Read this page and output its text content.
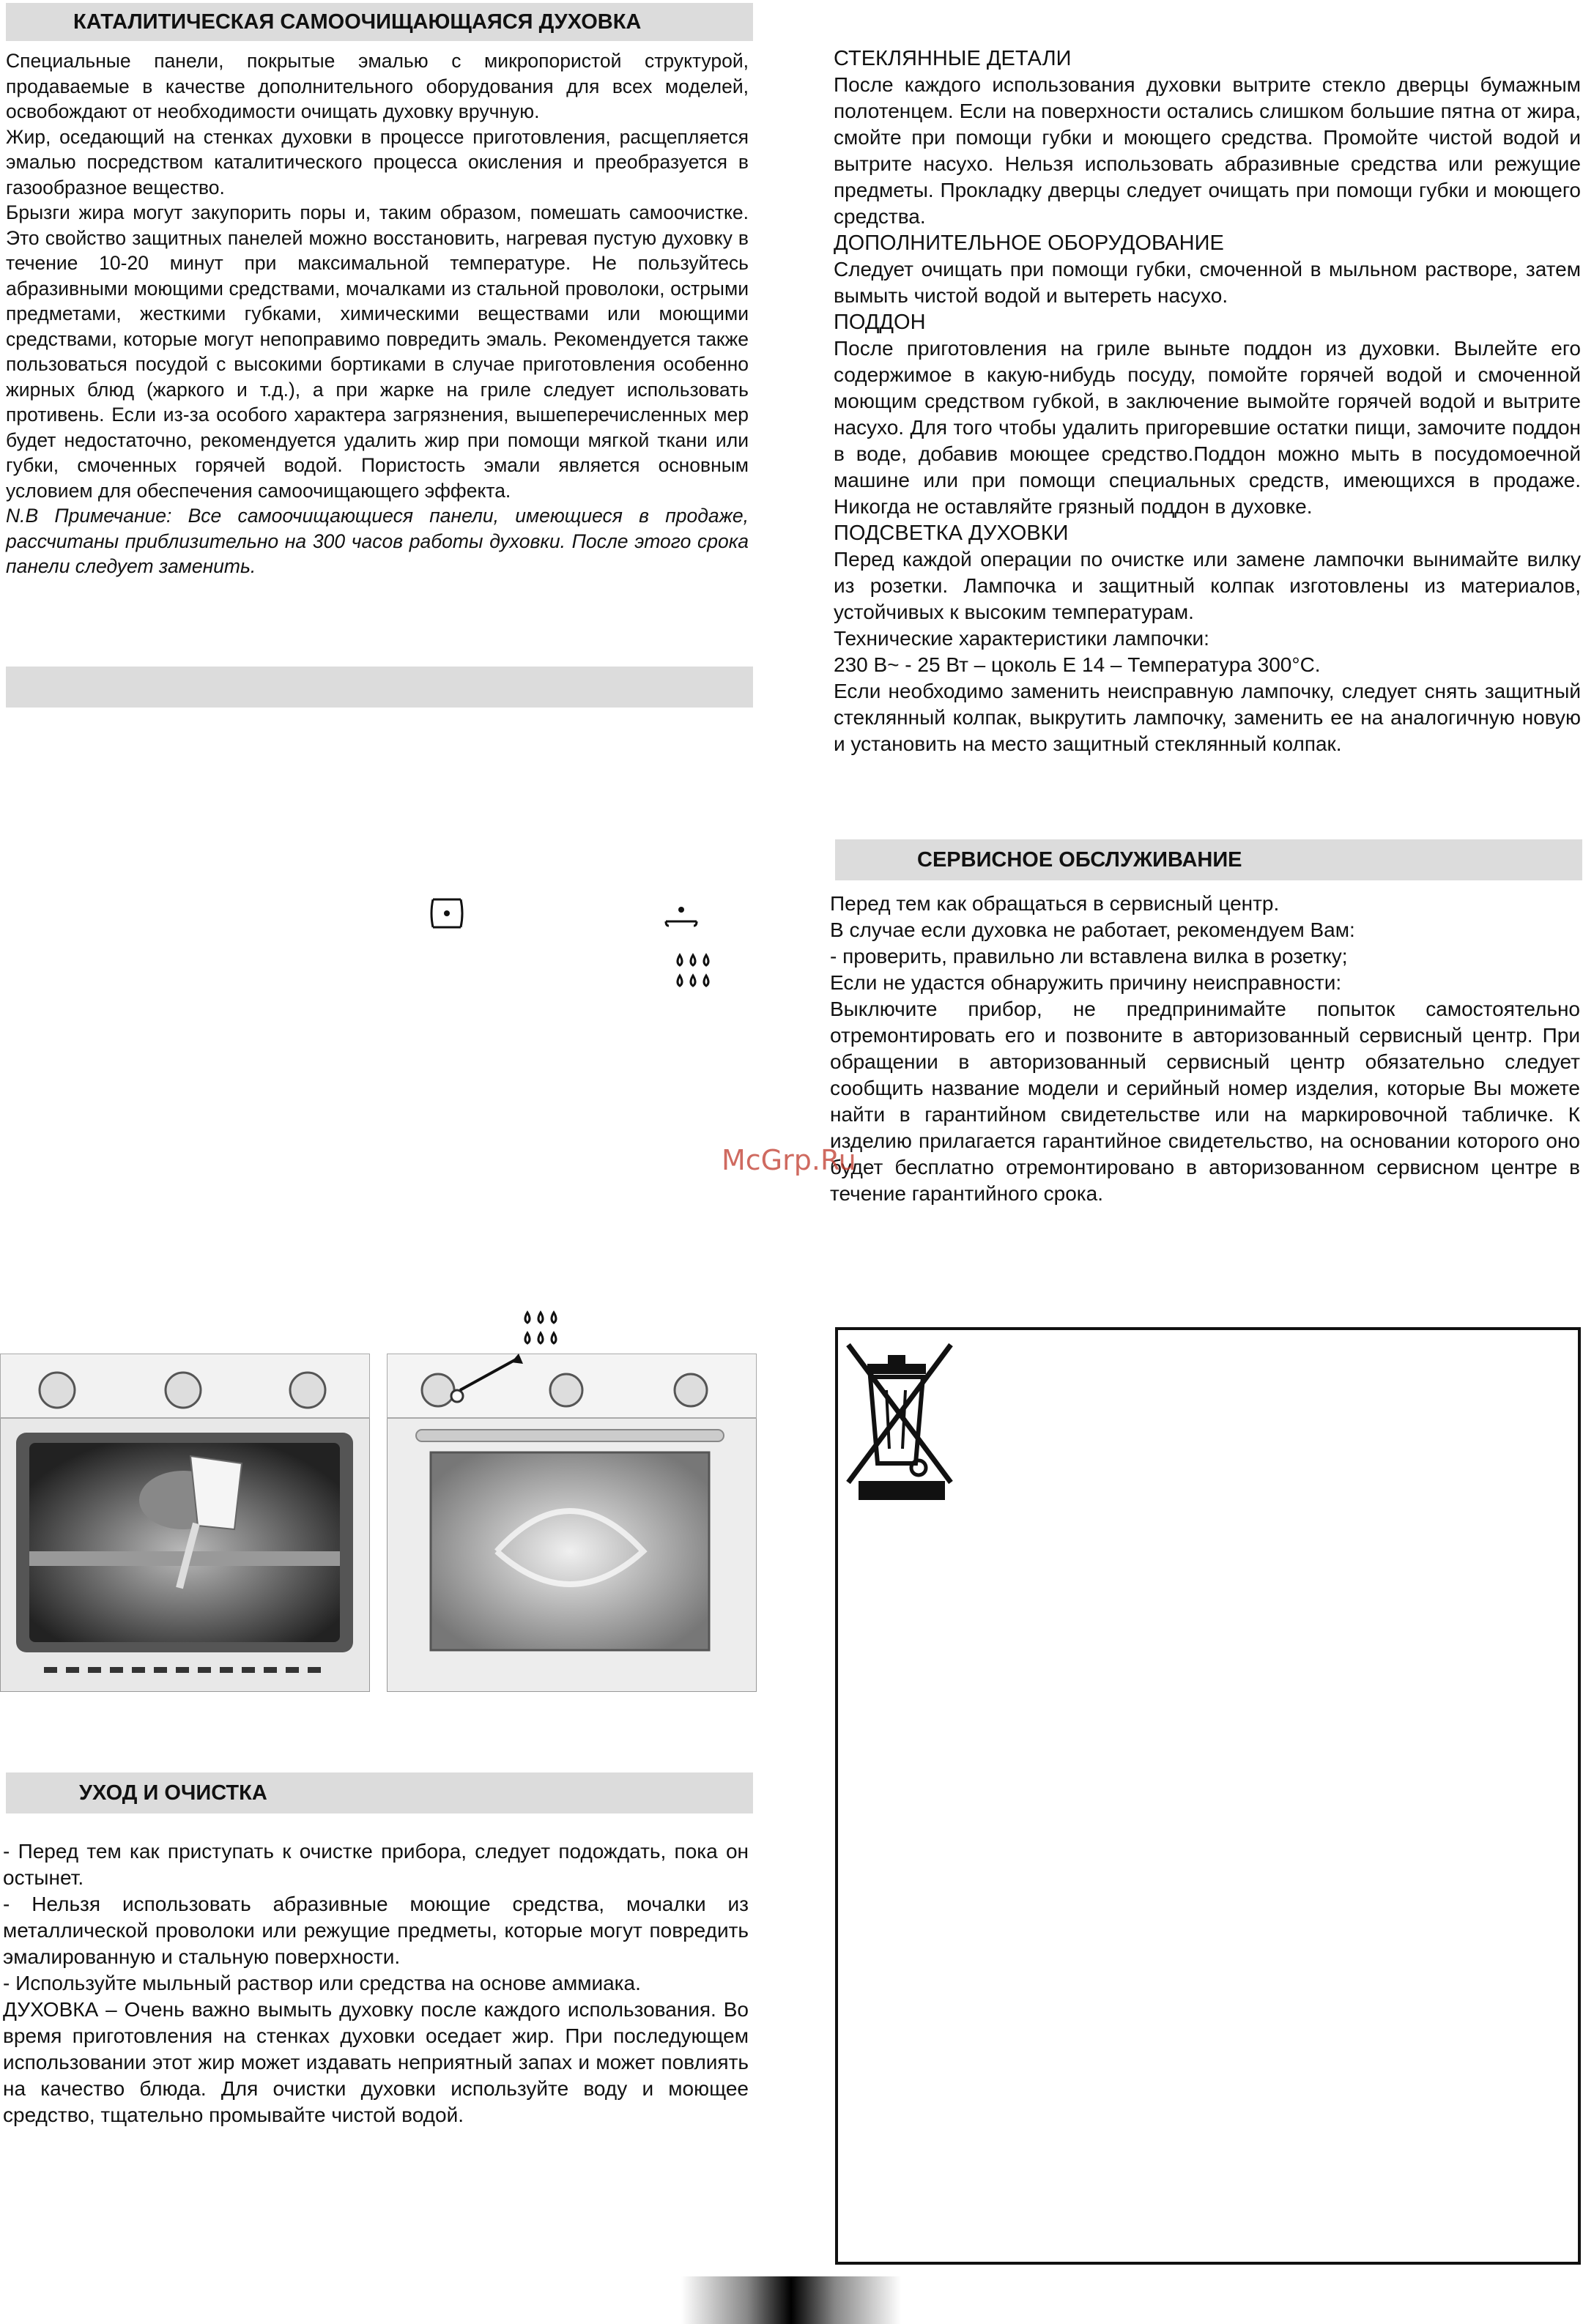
КАТАЛИТИЧЕСКАЯ САМООЧИЩАЮЩАЯСЯ ДУХОВКА

Специальные панели, покрытые эмалью с микропористой структурой, продаваемые в качестве дополнительного оборудования для всех моделей, освобождают от необходимости очищать духовку вручную.

Жир, оседающий на стенках духовки в процессе приготовления, расщепляется эмалью посредством каталитического процесса окисления и преобразуется в газообразное вещество.

Брызги жира могут закупорить поры и, таким образом, помешать самоочистке. Это свойство защитных панелей можно восстановить, нагревая пустую духовку в течение 10-20 минут при максимальной температуре. Не пользуйтесь абразивными моющими средствами, мочалками из стальной проволоки, острыми предметами, жесткими губками, химическими веществами или моющими средствами, которые могут непоправимо повредить эмаль. Рекомендуется также пользоваться посудой с высокими бортиками в случае приготовления особенно жирных блюд (жаркого и т.д.), а при жарке на гриле следует использовать противень. Если из-за особого характера загрязнения, вышеперечисленных мер будет недостаточно, рекомендуется удалить жир при помощи мягкой ткани или губки, смоченных горячей водой. Пористость эмали является основным условием для обеспечения самоочищающего эффекта.

N.B Примечание: Все самоочищающиеся панели, имеющиеся в продаже, рассчитаны приблизительно на 300 часов работы духовки. После этого срока панели следует заменить.

УХОД И ОЧИСТКА

- Перед тем как приступать к очистке прибора, следует подождать, пока он остынет.

- Нельзя использовать абразивные моющие средства, мочалки из металлической проволоки или режущие предметы, которые могут повредить эмалированную и стальную поверхности.

- Используйте мыльный раствор или средства на основе аммиака.

ДУХОВКА – Очень важно вымыть духовку после каждого использования. Во время приготовления на стенках духовки оседает жир. При последующем использовании этот жир может издавать неприятный запах и может повлиять на качество блюда. Для очистки духовки используйте воду и моющее средство, тщательно промывайте чистой водой.

СТЕКЛЯННЫЕ ДЕТАЛИ

После каждого использования духовки вытрите стекло дверцы бумажным полотенцем. Если на поверхности остались слишком большие пятна от жира, смойте при помощи губки и моющего средства. Промойте чистой водой и вытрите насухо. Нельзя использовать абразивные средства или режущие предметы. Прокладку дверцы следует очищать при помощи губки и моющего средства.

ДОПОЛНИТЕЛЬНОЕ ОБОРУДОВАНИЕ

Следует очищать при помощи губки, смоченной в мыльном растворе, затем вымыть чистой водой и вытереть насухо.

ПОДДОН

После приготовления на гриле выньте поддон из духовки. Вылейте его содержимое в какую-нибудь посуду, помойте горячей водой и смоченной моющим средством губкой, в заключение вымойте горячей водой и вытрите насухо. Для того чтобы удалить пригоревшие остатки пищи, замочите поддон в воде, добавив моющее средство.Поддон можно мыть в посудомоечной машине или при помощи специальных средств, имеющихся в продаже. Никогда не оставляйте грязный поддон в духовке.

ПОДСВЕТКА ДУХОВКИ

Перед каждой операции по очистке или замене лампочки вынимайте вилку из розетки. Лампочка и защитный колпак изготовлены из материалов, устойчивых к высоким температурам.

Технические характеристики лампочки:

230 В~ - 25 Вт – цоколь Е 14 – Температура 300°С.

Если необходимо заменить неисправную лампочку, следует снять защитный стеклянный колпак, выкрутить лампочку, заменить ее на аналогичную новую и установить на место защитный стеклянный колпак.

СЕРВИСНОЕ ОБСЛУЖИВАНИЕ

Перед тем как обращаться в сервисный центр.

В случае если духовка не работает, рекомендуем Вам:

- проверить, правильно ли вставлена вилка в розетку;

Если не удастся обнаружить причину неисправности:

Выключите прибор, не предпринимайте попыток самостоятельно отремонтировать его и позвоните в авторизованный сервисный центр. При обращении в авторизованный сервисный центр обязательно следует сообщить название модели и серийный номер изделия, которые Вы можете найти в гарантийном свидетельстве или на маркировочной табличке. К изделию прилагается гарантийное свидетельство, на основании которого оно будет бесплатно отремонтировано в авторизованном сервисном центре в течение гарантийного срока.

McGrp.Ru
